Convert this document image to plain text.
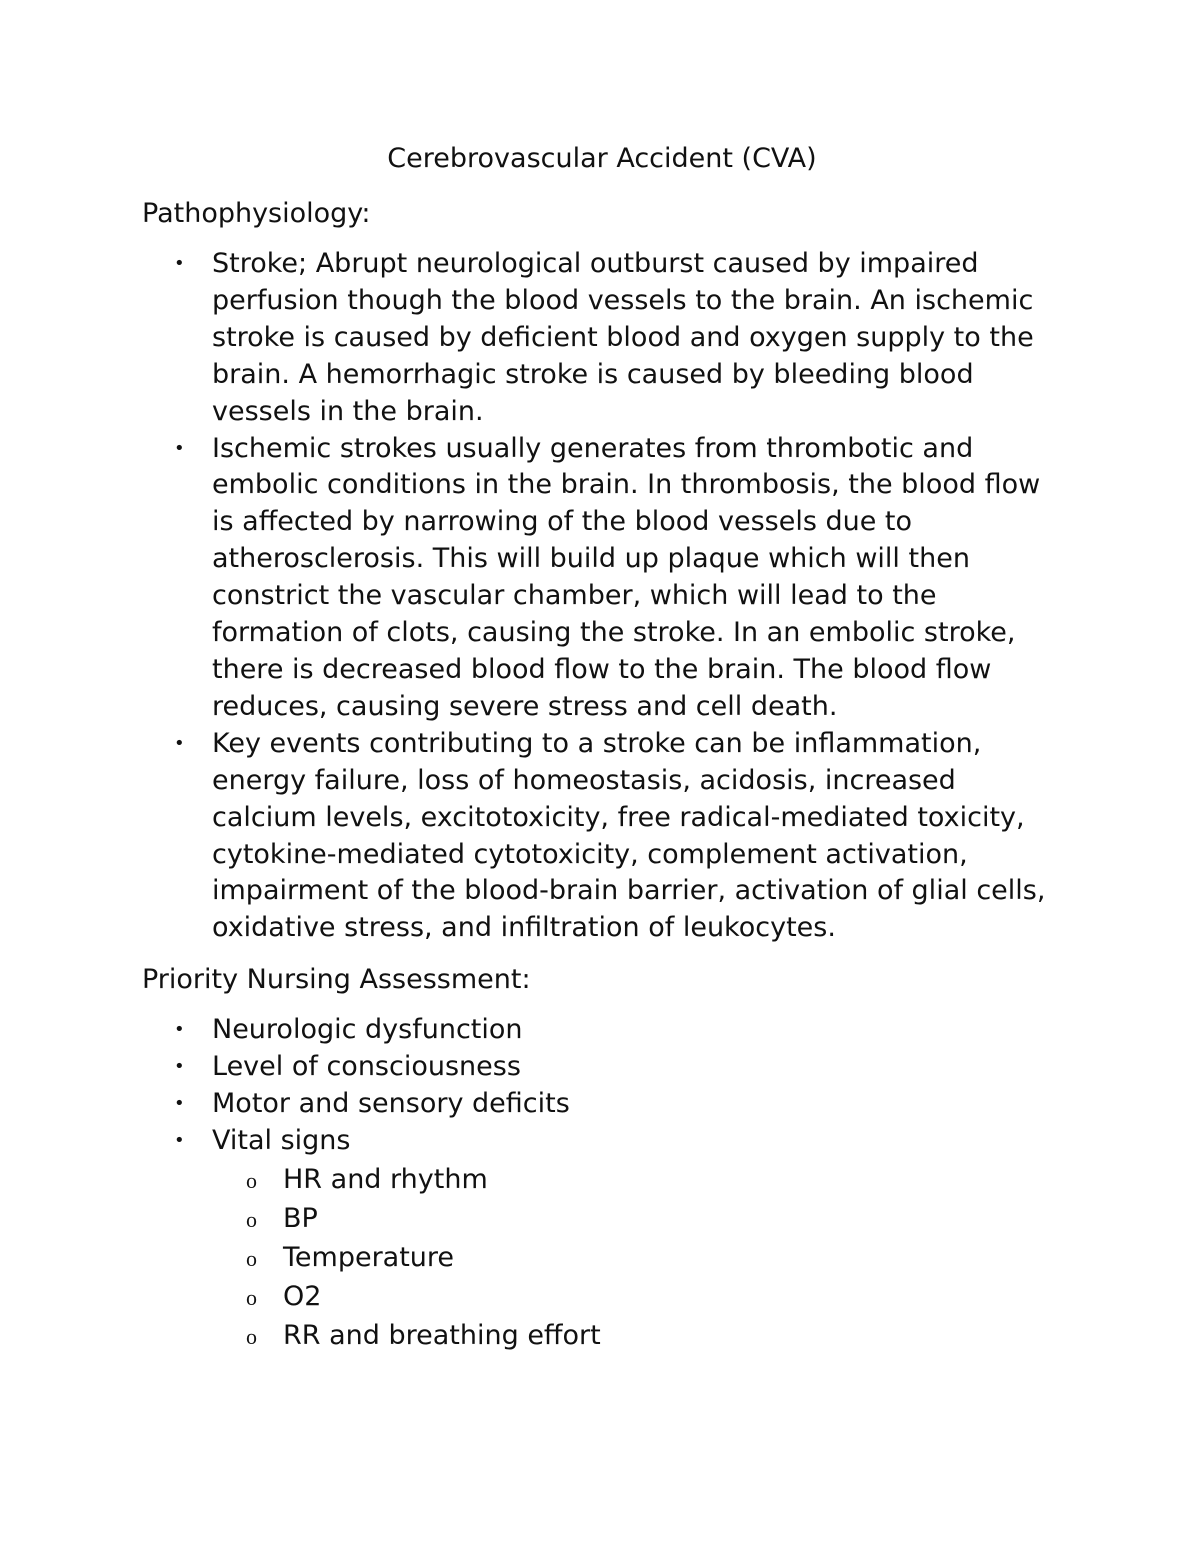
Cerebrovascular Accident (CVA)
Pathophysiology:
• Stroke; Abrupt neurological outburst caused by impaired perfusion though the blood vessels to the brain. An ischemic stroke is caused by deficient blood and oxygen supply to the brain. A hemorrhagic stroke is caused by bleeding blood vessels in the brain.
• Ischemic strokes usually generates from thrombotic and embolic conditions in the brain. In thrombosis, the blood flow is affected by narrowing of the blood vessels due to atherosclerosis. This will build up plaque which will then constrict the vascular chamber, which will lead to the formation of clots, causing the stroke. In an embolic stroke, there is decreased blood flow to the brain. The blood flow reduces, causing severe stress and cell death.
• Key events contributing to a stroke can be inflammation, energy failure, loss of homeostasis, acidosis, increased calcium levels, excitotoxicity, free radical-mediated toxicity, cytokine-mediated cytotoxicity, complement activation, impairment of the blood-brain barrier, activation of glial cells, oxidative stress, and infiltration of leukocytes.
Priority Nursing Assessment:
• Neurologic dysfunction
• Level of consciousness
• Motor and sensory deficits
• Vital signs
o HR and rhythm
o BP
o Temperature
o O2
o RR and breathing effort
